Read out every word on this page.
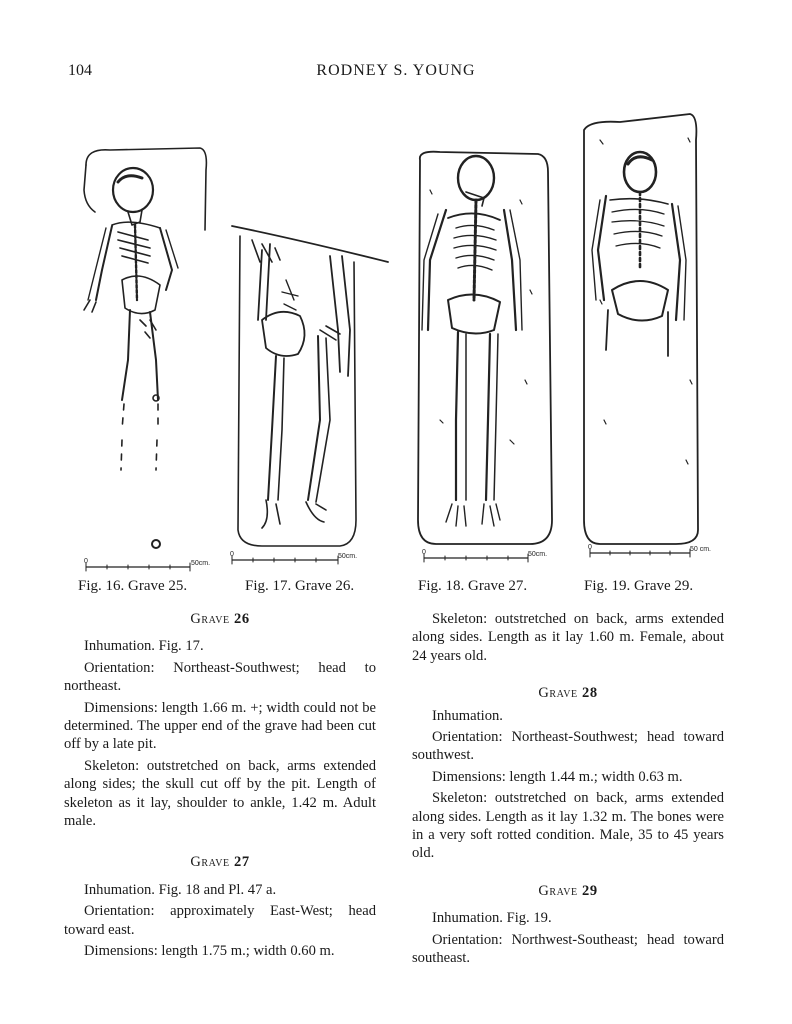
104	RODNEY S. YOUNG
0	50cm.
0	50cm.
0	50cm.
0	50 cm.
Fig. 16. Grave 25.	Fig. 17. Grave 26.	Fig. 18. Grave 27.	Fig. 19. Grave 29.
Grave 26

Inhumation. Fig. 17.

Orientation: Northeast-Southwest; head to northeast.

Dimensions: length 1.66 m. +; width could not be determined. The upper end of the grave had been cut off by a late pit.

Skeleton: outstretched on back, arms extended along sides; the skull cut off by the pit. Length of skeleton as it lay, shoulder to ankle, 1.42 m. Adult male.

Grave 27

Inhumation. Fig. 18 and Pl. 47 a.

Orientation: approximately East-West; head toward east.

Dimensions: length 1.75 m.; width 0.60 m.

Skeleton: outstretched on back, arms extended along sides. Length as it lay 1.60 m. Female, about 24 years old.

Grave 28

Inhumation.

Orientation: Northeast-Southwest; head toward southwest.

Dimensions: length 1.44 m.; width 0.63 m.

Skeleton: outstretched on back, arms extended along sides. Length as it lay 1.32 m. The bones were in a very soft rotted condition. Male, 35 to 45 years old.

Grave 29

Inhumation. Fig. 19.

Orientation: Northwest-Southeast; head toward southeast.
